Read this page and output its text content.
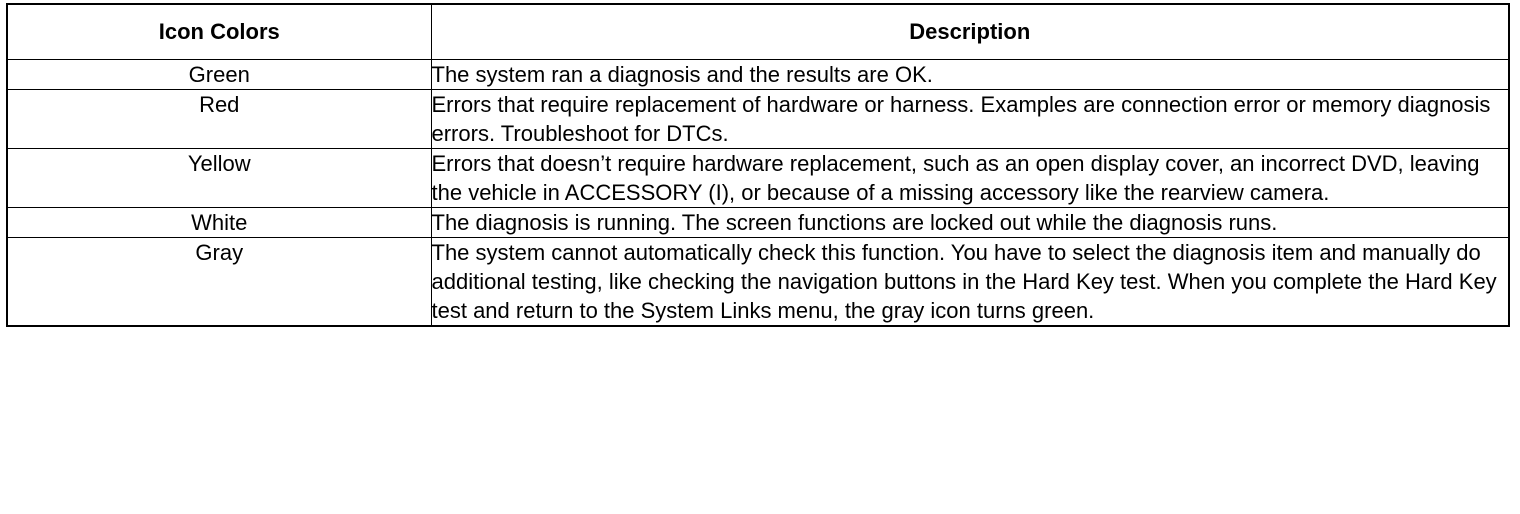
Icon Colors	Description
Green	The system ran a diagnosis and the results are OK.
Red	Errors that require replacement of hardware or harness. Examples are connection error or memory diagnosis errors. Troubleshoot for DTCs.
Yellow	Errors that doesn’t require hardware replacement, such as an open display cover, an incorrect DVD, leaving the vehicle in ACCESSORY (I), or because of a missing accessory like the rearview camera.
White	The diagnosis is running. The screen functions are locked out while the diagnosis runs.
Gray	The system cannot automatically check this function. You have to select the diagnosis item and manually do additional testing, like checking the navigation buttons in the Hard Key test. When you complete the Hard Key test and return to the System Links menu, the gray icon turns green.
